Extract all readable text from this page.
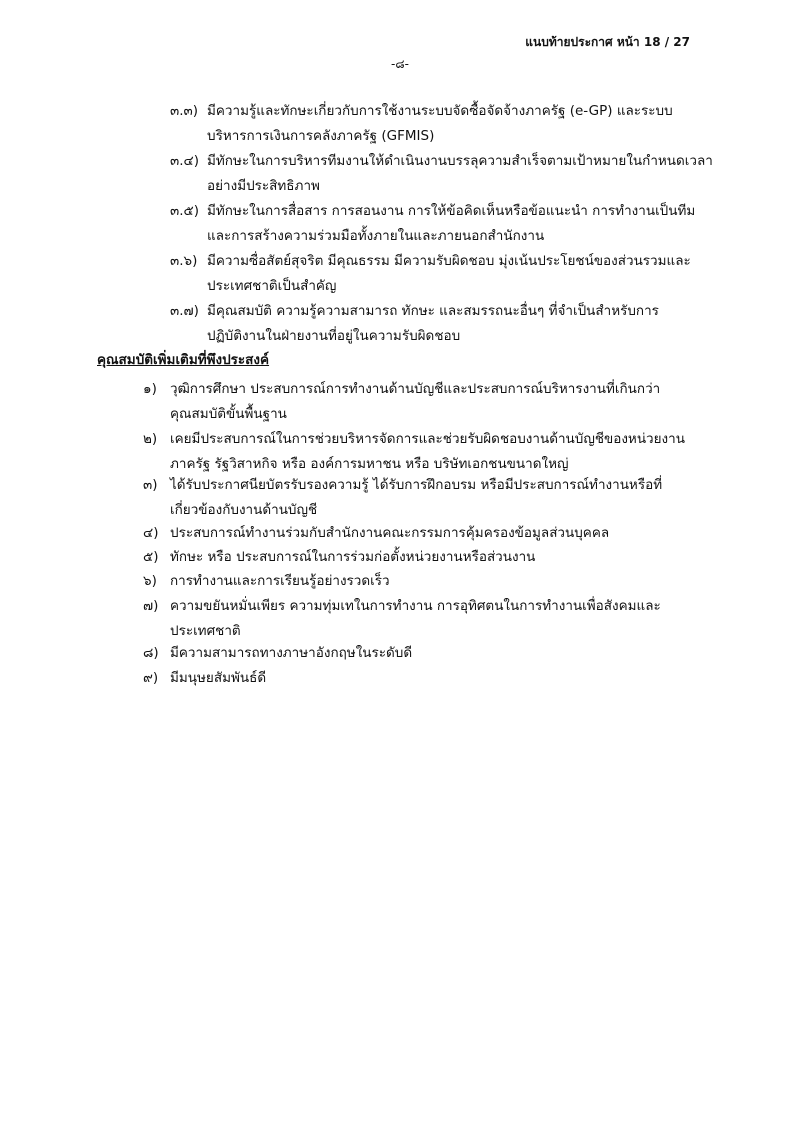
แนบท้ายประกาศ หน้า 18 / 27
-๘-
๓.๓) มีความรู้และทักษะเกี่ยวกับการใช้งานระบบจัดซื้อจัดจ้างภาครัฐ (e-GP) และระบบ
บริหารการเงินการคลังภาครัฐ (GFMIS)
๓.๔) มีทักษะในการบริหารทีมงานให้ดำเนินงานบรรลุความสำเร็จตามเป้าหมายในกำหนดเวลา
อย่างมีประสิทธิภาพ
๓.๕) มีทักษะในการสื่อสาร การสอนงาน การให้ข้อคิดเห็นหรือข้อแนะนำ การทำงานเป็นทีม
และการสร้างความร่วมมือทั้งภายในและภายนอกสำนักงาน
๓.๖) มีความซื่อสัตย์สุจริต มีคุณธรรม มีความรับผิดชอบ มุ่งเน้นประโยชน์ของส่วนรวมและ
ประเทศชาติเป็นสำคัญ
๓.๗) มีคุณสมบัติ ความรู้ความสามารถ ทักษะ และสมรรถนะอื่นๆ ที่จำเป็นสำหรับการ
ปฏิบัติงานในฝ่ายงานที่อยู่ในความรับผิดชอบ
คุณสมบัติเพิ่มเติมที่พึงประสงค์
๑) วุฒิการศึกษา ประสบการณ์การทำงานด้านบัญชีและประสบการณ์บริหารงานที่เกินกว่า
คุณสมบัติขั้นพื้นฐาน
๒) เคยมีประสบการณ์ในการช่วยบริหารจัดการและช่วยรับผิดชอบงานด้านบัญชีของหน่วยงาน
ภาครัฐ รัฐวิสาหกิจ หรือ องค์การมหาชน หรือ บริษัทเอกชนขนาดใหญ่
๓) ได้รับประกาศนียบัตรรับรองความรู้ ได้รับการฝึกอบรม หรือมีประสบการณ์ทำงานหรือที่
เกี่ยวข้องกับงานด้านบัญชี
๔) ประสบการณ์ทำงานร่วมกับสำนักงานคณะกรรมการคุ้มครองข้อมูลส่วนบุคคล
๕) ทักษะ หรือ ประสบการณ์ในการร่วมก่อตั้งหน่วยงานหรือส่วนงาน
๖) การทำงานและการเรียนรู้อย่างรวดเร็ว
๗) ความขยันหมั่นเพียร ความทุ่มเทในการทำงาน การอุทิศตนในการทำงานเพื่อสังคมและ
ประเทศชาติ
๘) มีความสามารถทางภาษาอังกฤษในระดับดี
๙) มีมนุษยสัมพันธ์ดี
